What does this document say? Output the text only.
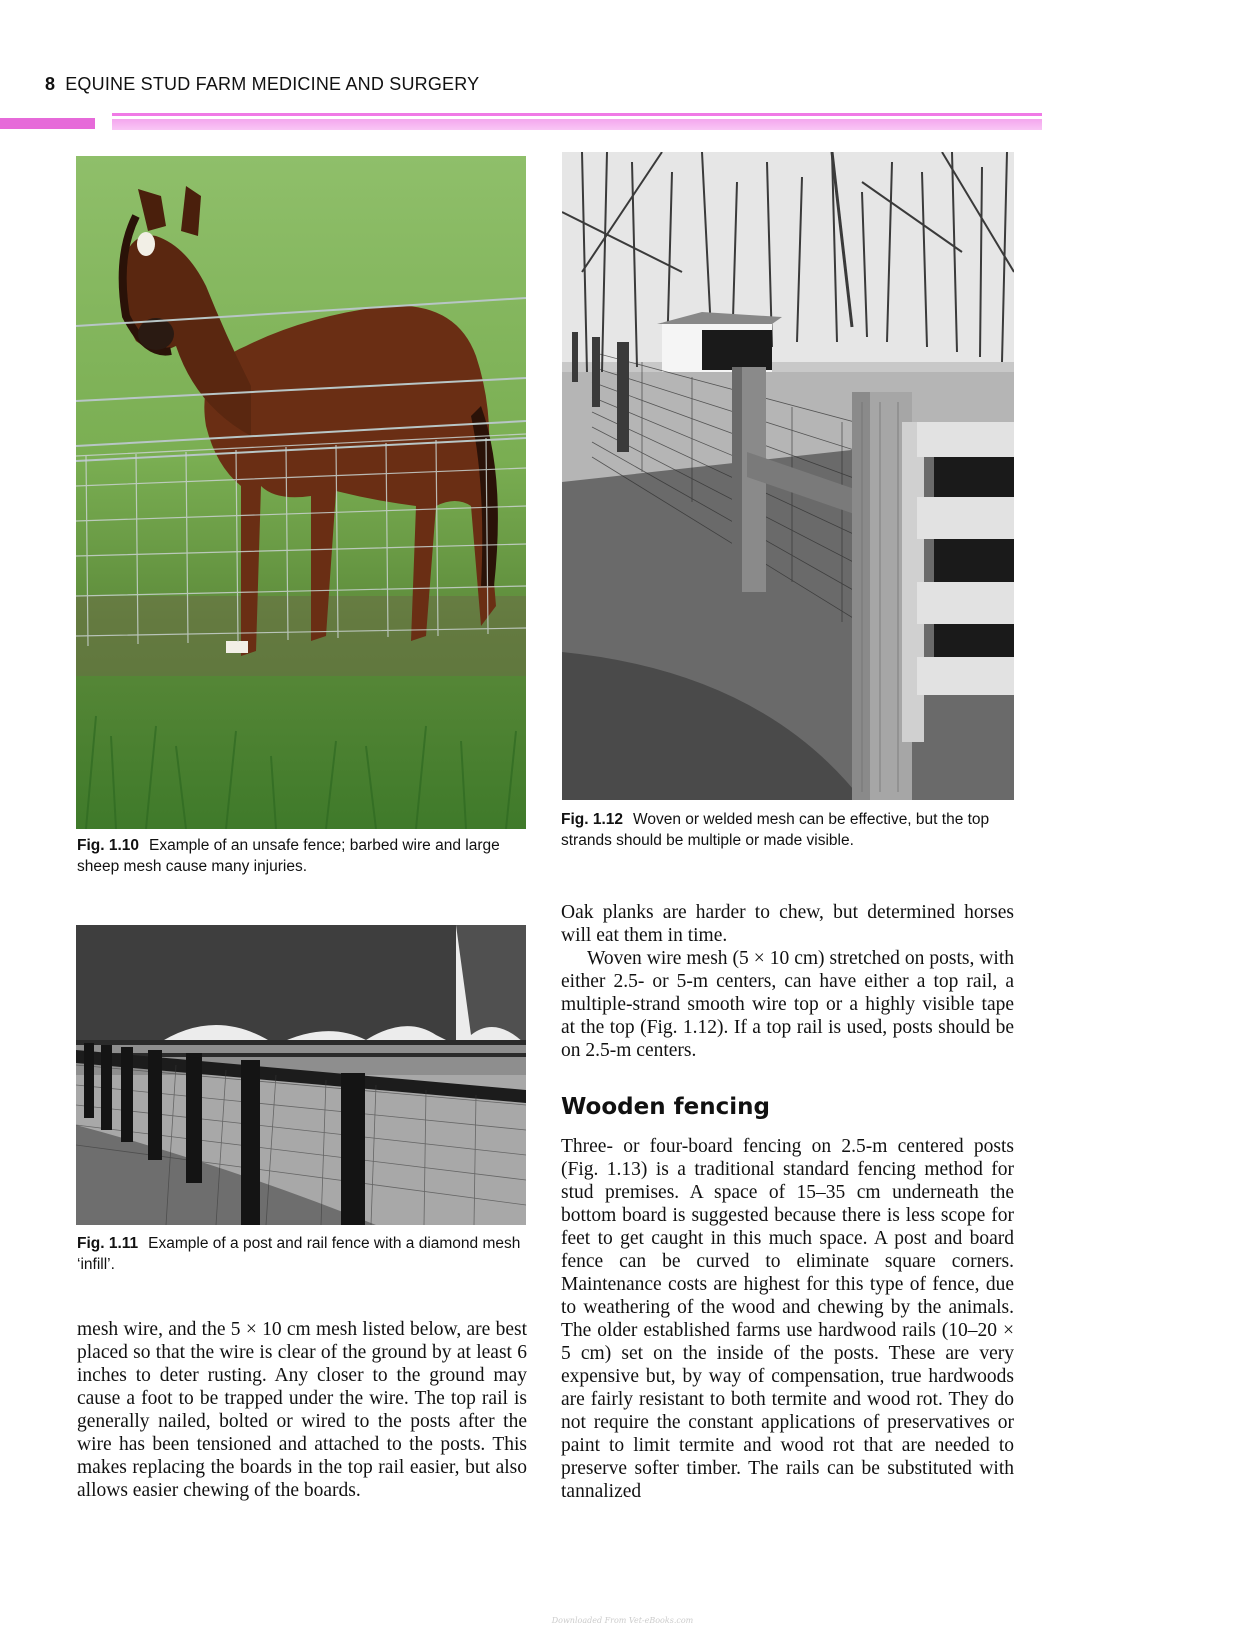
8 EQUINE STUD FARM MEDICINE AND SURGERY
Fig. 1.10 Example of an unsafe fence; barbed wire and large sheep mesh cause many injuries.
Fig. 1.11 Example of a post and rail fence with a diamond mesh ‘infill’.

mesh wire, and the 5 × 10 cm mesh listed below, are best placed so that the wire is clear of the ground by at least 6 inches to deter rusting. Any closer to the ground may cause a foot to be trapped under the wire. The top rail is generally nailed, bolted or wired to the posts after the wire has been tensioned and attached to the posts. This makes replacing the boards in the top rail easier, but also allows easier chewing of the boards.

Fig. 1.12 Woven or welded mesh can be effective, but the top strands should be multiple or made visible.

Oak planks are harder to chew, but determined horses will eat them in time.

Woven wire mesh (5 × 10 cm) stretched on posts, with either 2.5- or 5-m centers, can have either a top rail, a multiple-strand smooth wire top or a highly visible tape at the top (Fig. 1.12). If a top rail is used, posts should be on 2.5-m centers.

Wooden fencing

Three- or four-board fencing on 2.5-m centered posts (Fig. 1.13) is a traditional standard fencing method for stud premises. A space of 15–35 cm underneath the bottom board is suggested because there is less scope for feet to get caught in this much space. A post and board fence can be curved to eliminate square corners. Maintenance costs are highest for this type of fence, due to weathering of the wood and chewing by the animals. The older established farms use hardwood rails (10–20 × 5 cm) set on the inside of the posts. These are very expensive but, by way of compensation, true hardwoods are fairly resistant to both termite and wood rot. They do not require the constant applications of preservatives or paint to limit termite and wood rot that are needed to preserve softer timber. The rails can be substituted with tannalized

Downloaded From Vet-eBooks.com
